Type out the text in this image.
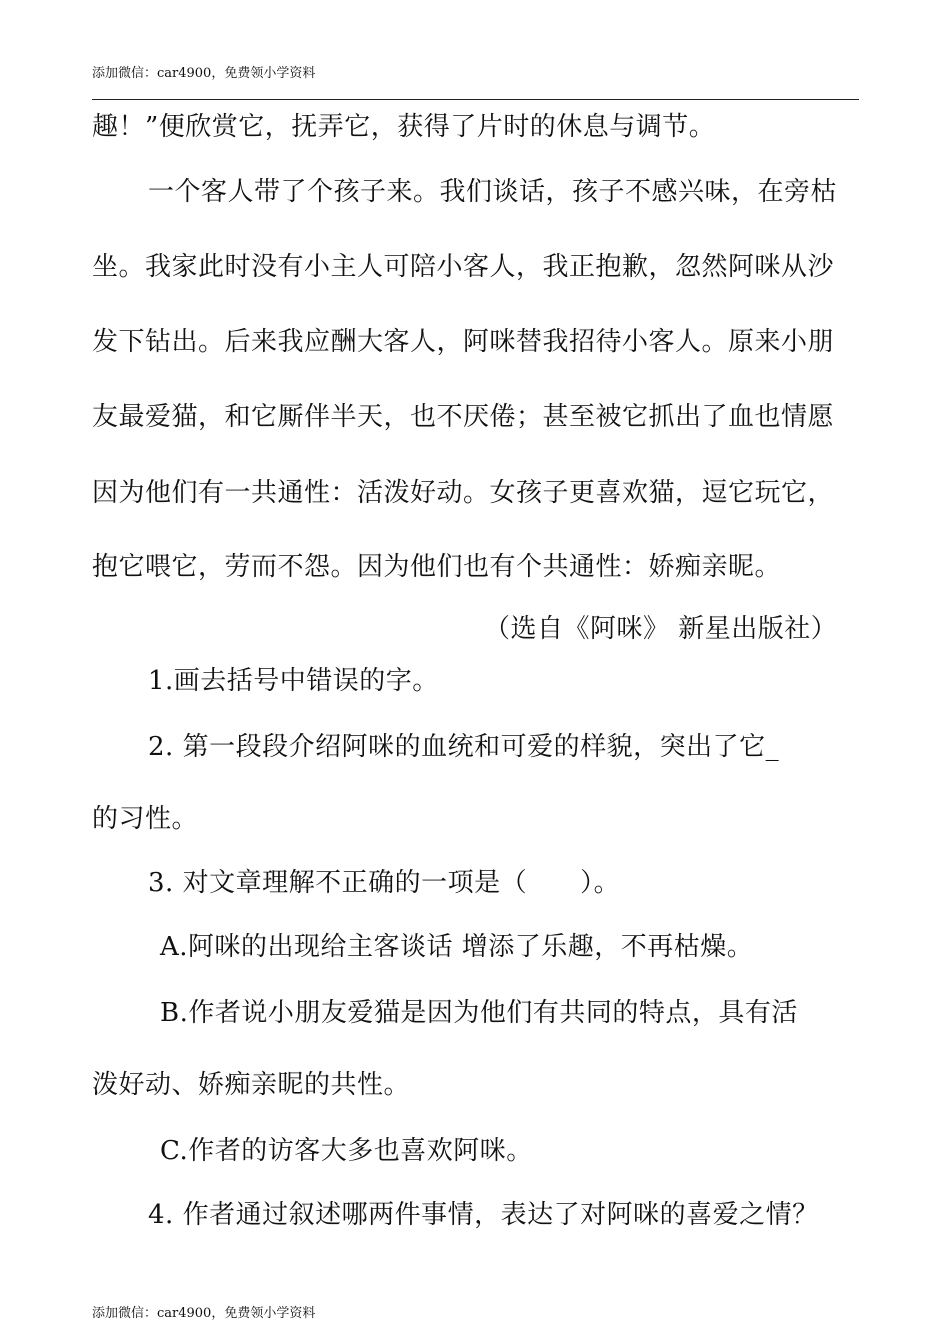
添加微信：car4900，免费领小学资料
趣！”便欣赏它，抚弄它，获得了片时的休息与调节。
一个客人带了个孩子来。我们谈话，孩子不感兴味，在旁枯
坐。我家此时没有小主人可陪小客人，我正抱歉，忽然阿咪从沙
发下钻出。后来我应酬大客人，阿咪替我招待小客人。原来小朋
友最爱猫，和它厮伴半天，也不厌倦；甚至被它抓出了血也情愿
因为他们有一共通性：活泼好动。女孩子更喜欢猫，逗它玩它，
抱它喂它，劳而不怨。因为他们也有个共通性：娇痴亲昵。
（选自《阿咪》 新星出版社）
1.画去括号中错误的字。
2. 第一段段介绍阿咪的血统和可爱的样貌，突出了它_
的习性。
3. 对文章理解不正确的一项是（　　）。
A.阿咪的出现给主客谈话 增添了乐趣，不再枯燥。
B.作者说小朋友爱猫是因为他们有共同的特点，具有活
泼好动、娇痴亲昵的共性。
C.作者的访客大多也喜欢阿咪。
4. 作者通过叙述哪两件事情，表达了对阿咪的喜爱之情？
添加微信：car4900，免费领小学资料
